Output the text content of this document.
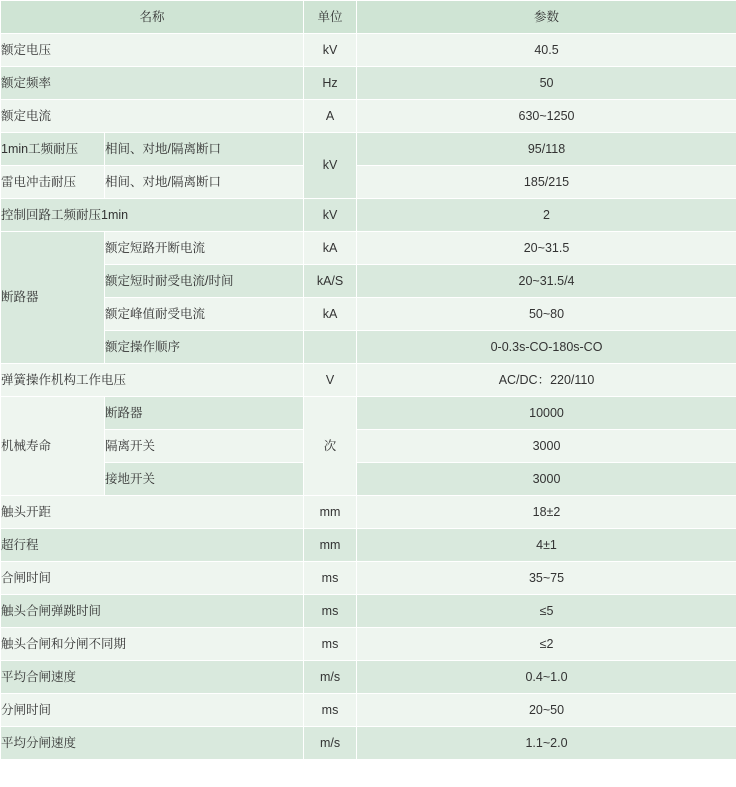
名称		单位	参数
额定电压		kV	40.5
额定频率		Hz	50
额定电流		A	630~1250
1min工频耐压	相间、对地/隔离断口	kV	95/118
雷电冲击耐压	相间、对地/隔离断口		185/215
控制回路工频耐压1min		kV	2
断路器	额定短路开断电流	kA	20~31.5
	额定短时耐受电流/时间	kA/S	20~31.5/4
	额定峰值耐受电流	kA	50~80
	额定操作顺序		0-0.3s-CO-180s-CO
弹簧操作机构工作电压		V	AC/DC：220/110
机械寿命	断路器	次	10000
	隔离开关		3000
	接地开关		3000
触头开距		mm	18±2
超行程		mm	4±1
合闸时间		ms	35~75
触头合闸弹跳时间		ms	≤5
触头合闸和分闸不同期		ms	≤2
平均合闸速度		m/s	0.4~1.0
分闸时间		ms	20~50
平均分闸速度		m/s	1.1~2.0
